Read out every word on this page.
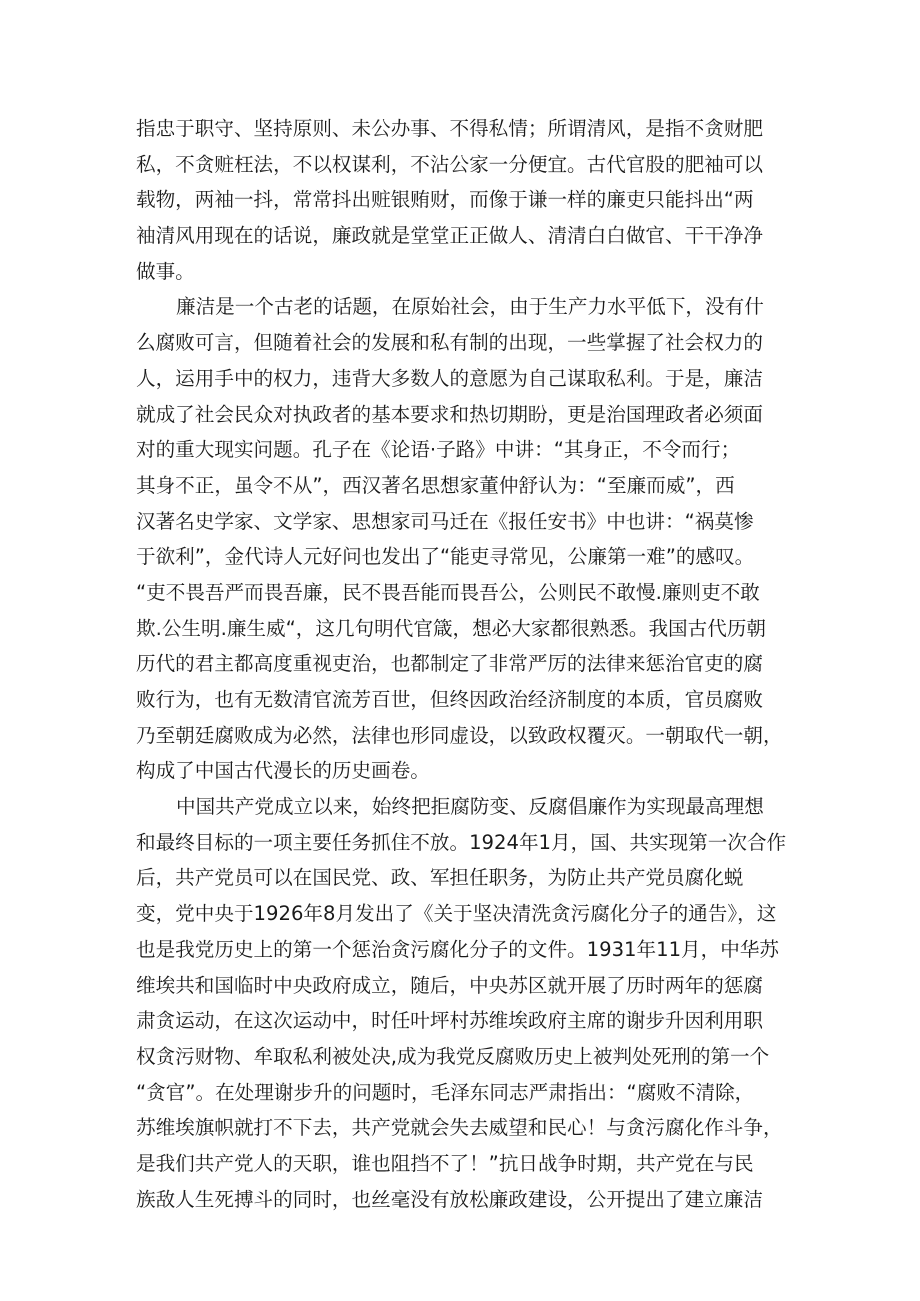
指忠于职守、坚持原则、未公办事、不得私情；所谓清风，是指不贪财肥
私，不贪赃枉法，不以权谋利，不沾公家一分便宜。古代官股的肥袖可以
载物，两袖一抖，常常抖出赃银贿财，而像于谦一样的廉吏只能抖出“两
袖清风用现在的话说，廉政就是堂堂正正做人、清清白白做官、干干净净
做事。
廉洁是一个古老的话题，在原始社会，由于生产力水平低下，没有什
么腐败可言，但随着社会的发展和私有制的出现，一些掌握了社会权力的
人，运用手中的权力，违背大多数人的意愿为自己谋取私利。于是，廉洁
就成了社会民众对执政者的基本要求和热切期盼，更是治国理政者必须面
对的重大现实问题。孔子在《论语·子路》中讲：“其身正，不令而行；
其身不正，虽令不从”，西汉著名思想家董仲舒认为：“至廉而威”，西
汉著名史学家、文学家、思想家司马迁在《报任安书》中也讲：“祸莫惨
于欲利”，金代诗人元好问也发出了“能吏寻常见，公廉第一难”的感叹。
“吏不畏吾严而畏吾廉，民不畏吾能而畏吾公，公则民不敢慢.廉则吏不敢
欺.公生明.廉生威“，这几句明代官箴，想必大家都很熟悉。我国古代历朝
历代的君主都高度重视吏治，也都制定了非常严厉的法律来惩治官吏的腐
败行为，也有无数清官流芳百世，但终因政治经济制度的本质，官员腐败
乃至朝廷腐败成为必然，法律也形同虚设，以致政权覆灭。一朝取代一朝，
构成了中国古代漫长的历史画卷。
中国共产党成立以来，始终把拒腐防变、反腐倡廉作为实现最高理想
和最终目标的一项主要任务抓住不放。1924年1月，国、共实现第一次合作
后，共产党员可以在国民党、政、军担任职务，为防止共产党员腐化蜕
变，党中央于1926年8月发出了《关于坚决清洗贪污腐化分子的通告》，这
也是我党历史上的第一个惩治贪污腐化分子的文件。1931年11月，中华苏
维埃共和国临时中央政府成立，随后，中央苏区就开展了历时两年的惩腐
肃贪运动，在这次运动中，时任叶坪村苏维埃政府主席的谢步升因利用职
权贪污财物、牟取私利被处决,成为我党反腐败历史上被判处死刑的第一个
“贪官”。在处理谢步升的问题时，毛泽东同志严肃指出：“腐败不清除，
苏维埃旗帜就打不下去，共产党就会失去威望和民心！与贪污腐化作斗争，
是我们共产党人的天职，谁也阻挡不了！”抗日战争时期，共产党在与民
族敌人生死搏斗的同时，也丝毫没有放松廉政建设，公开提出了建立廉洁
